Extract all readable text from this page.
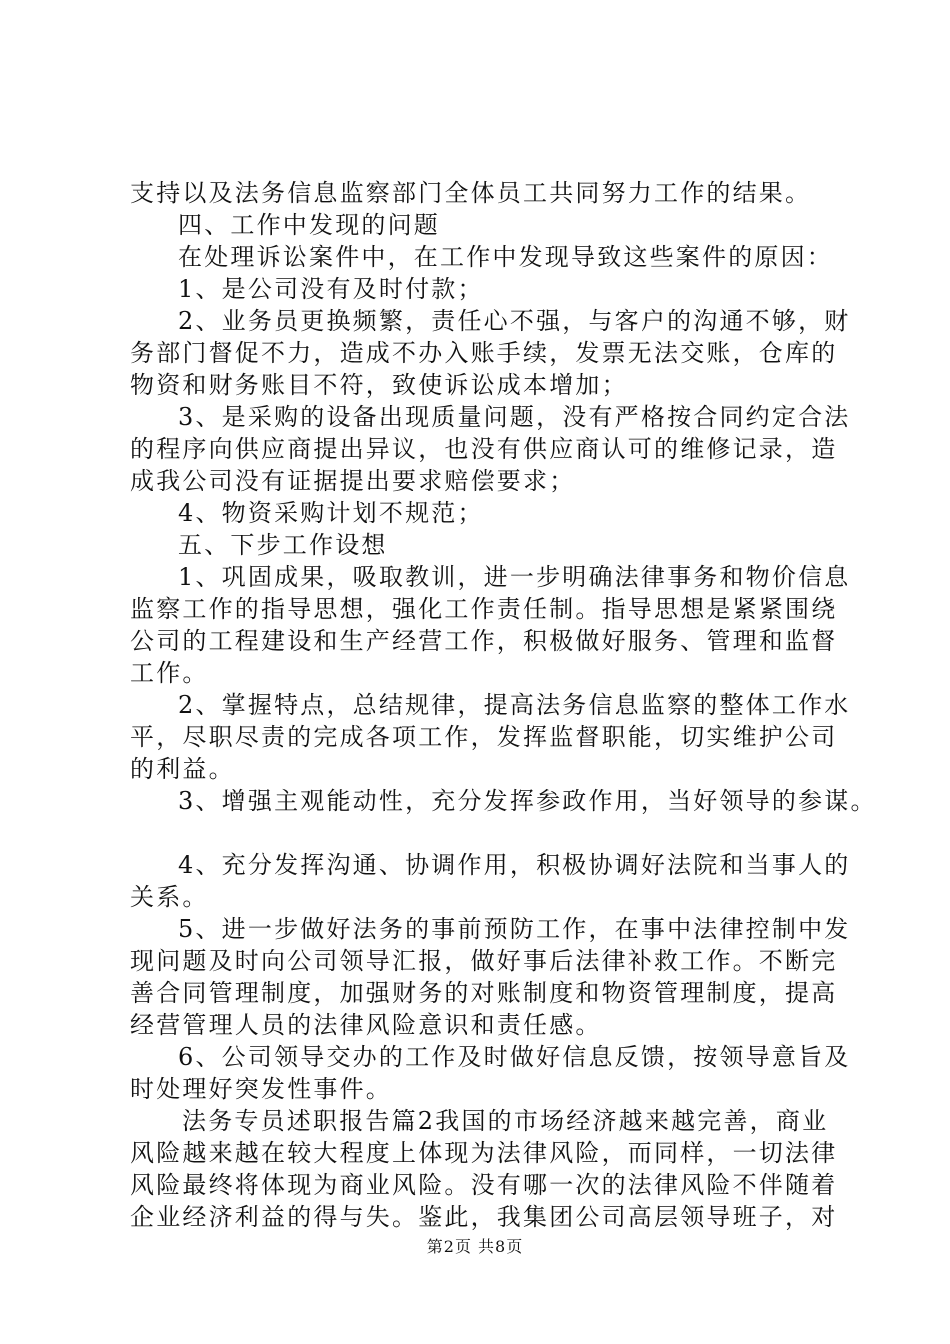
支持以及法务信息监察部门全体员工共同努力工作的结果。
四、工作中发现的问题
在处理诉讼案件中，在工作中发现导致这些案件的原因：
1、是公司没有及时付款；
2、业务员更换频繁，责任心不强，与客户的沟通不够，财
务部门督促不力，造成不办入账手续，发票无法交账，仓库的
物资和财务账目不符，致使诉讼成本增加；
3、是采购的设备出现质量问题，没有严格按合同约定合法
的程序向供应商提出异议，也没有供应商认可的维修记录，造
成我公司没有证据提出要求赔偿要求；
4、物资采购计划不规范；
五、下步工作设想
1、巩固成果，吸取教训，进一步明确法律事务和物价信息
监察工作的指导思想，强化工作责任制。指导思想是紧紧围绕
公司的工程建设和生产经营工作，积极做好服务、管理和监督
工作。
2、掌握特点，总结规律，提高法务信息监察的整体工作水
平，尽职尽责的完成各项工作，发挥监督职能，切实维护公司
的利益。
3、增强主观能动性，充分发挥参政作用，当好领导的参谋。
4、充分发挥沟通、协调作用，积极协调好法院和当事人的
关系。
5、进一步做好法务的事前预防工作，在事中法律控制中发
现问题及时向公司领导汇报，做好事后法律补救工作。不断完
善合同管理制度，加强财务的对账制度和物资管理制度，提高
经营管理人员的法律风险意识和责任感。
6、公司领导交办的工作及时做好信息反馈，按领导意旨及
时处理好突发性事件。
法务专员述职报告篇2我国的市场经济越来越完善，商业
风险越来越在较大程度上体现为法律风险，而同样，一切法律
风险最终将体现为商业风险。没有哪一次的法律风险不伴随着
企业经济利益的得与失。鉴此，我集团公司高层领导班子，对
第2页 共8页
